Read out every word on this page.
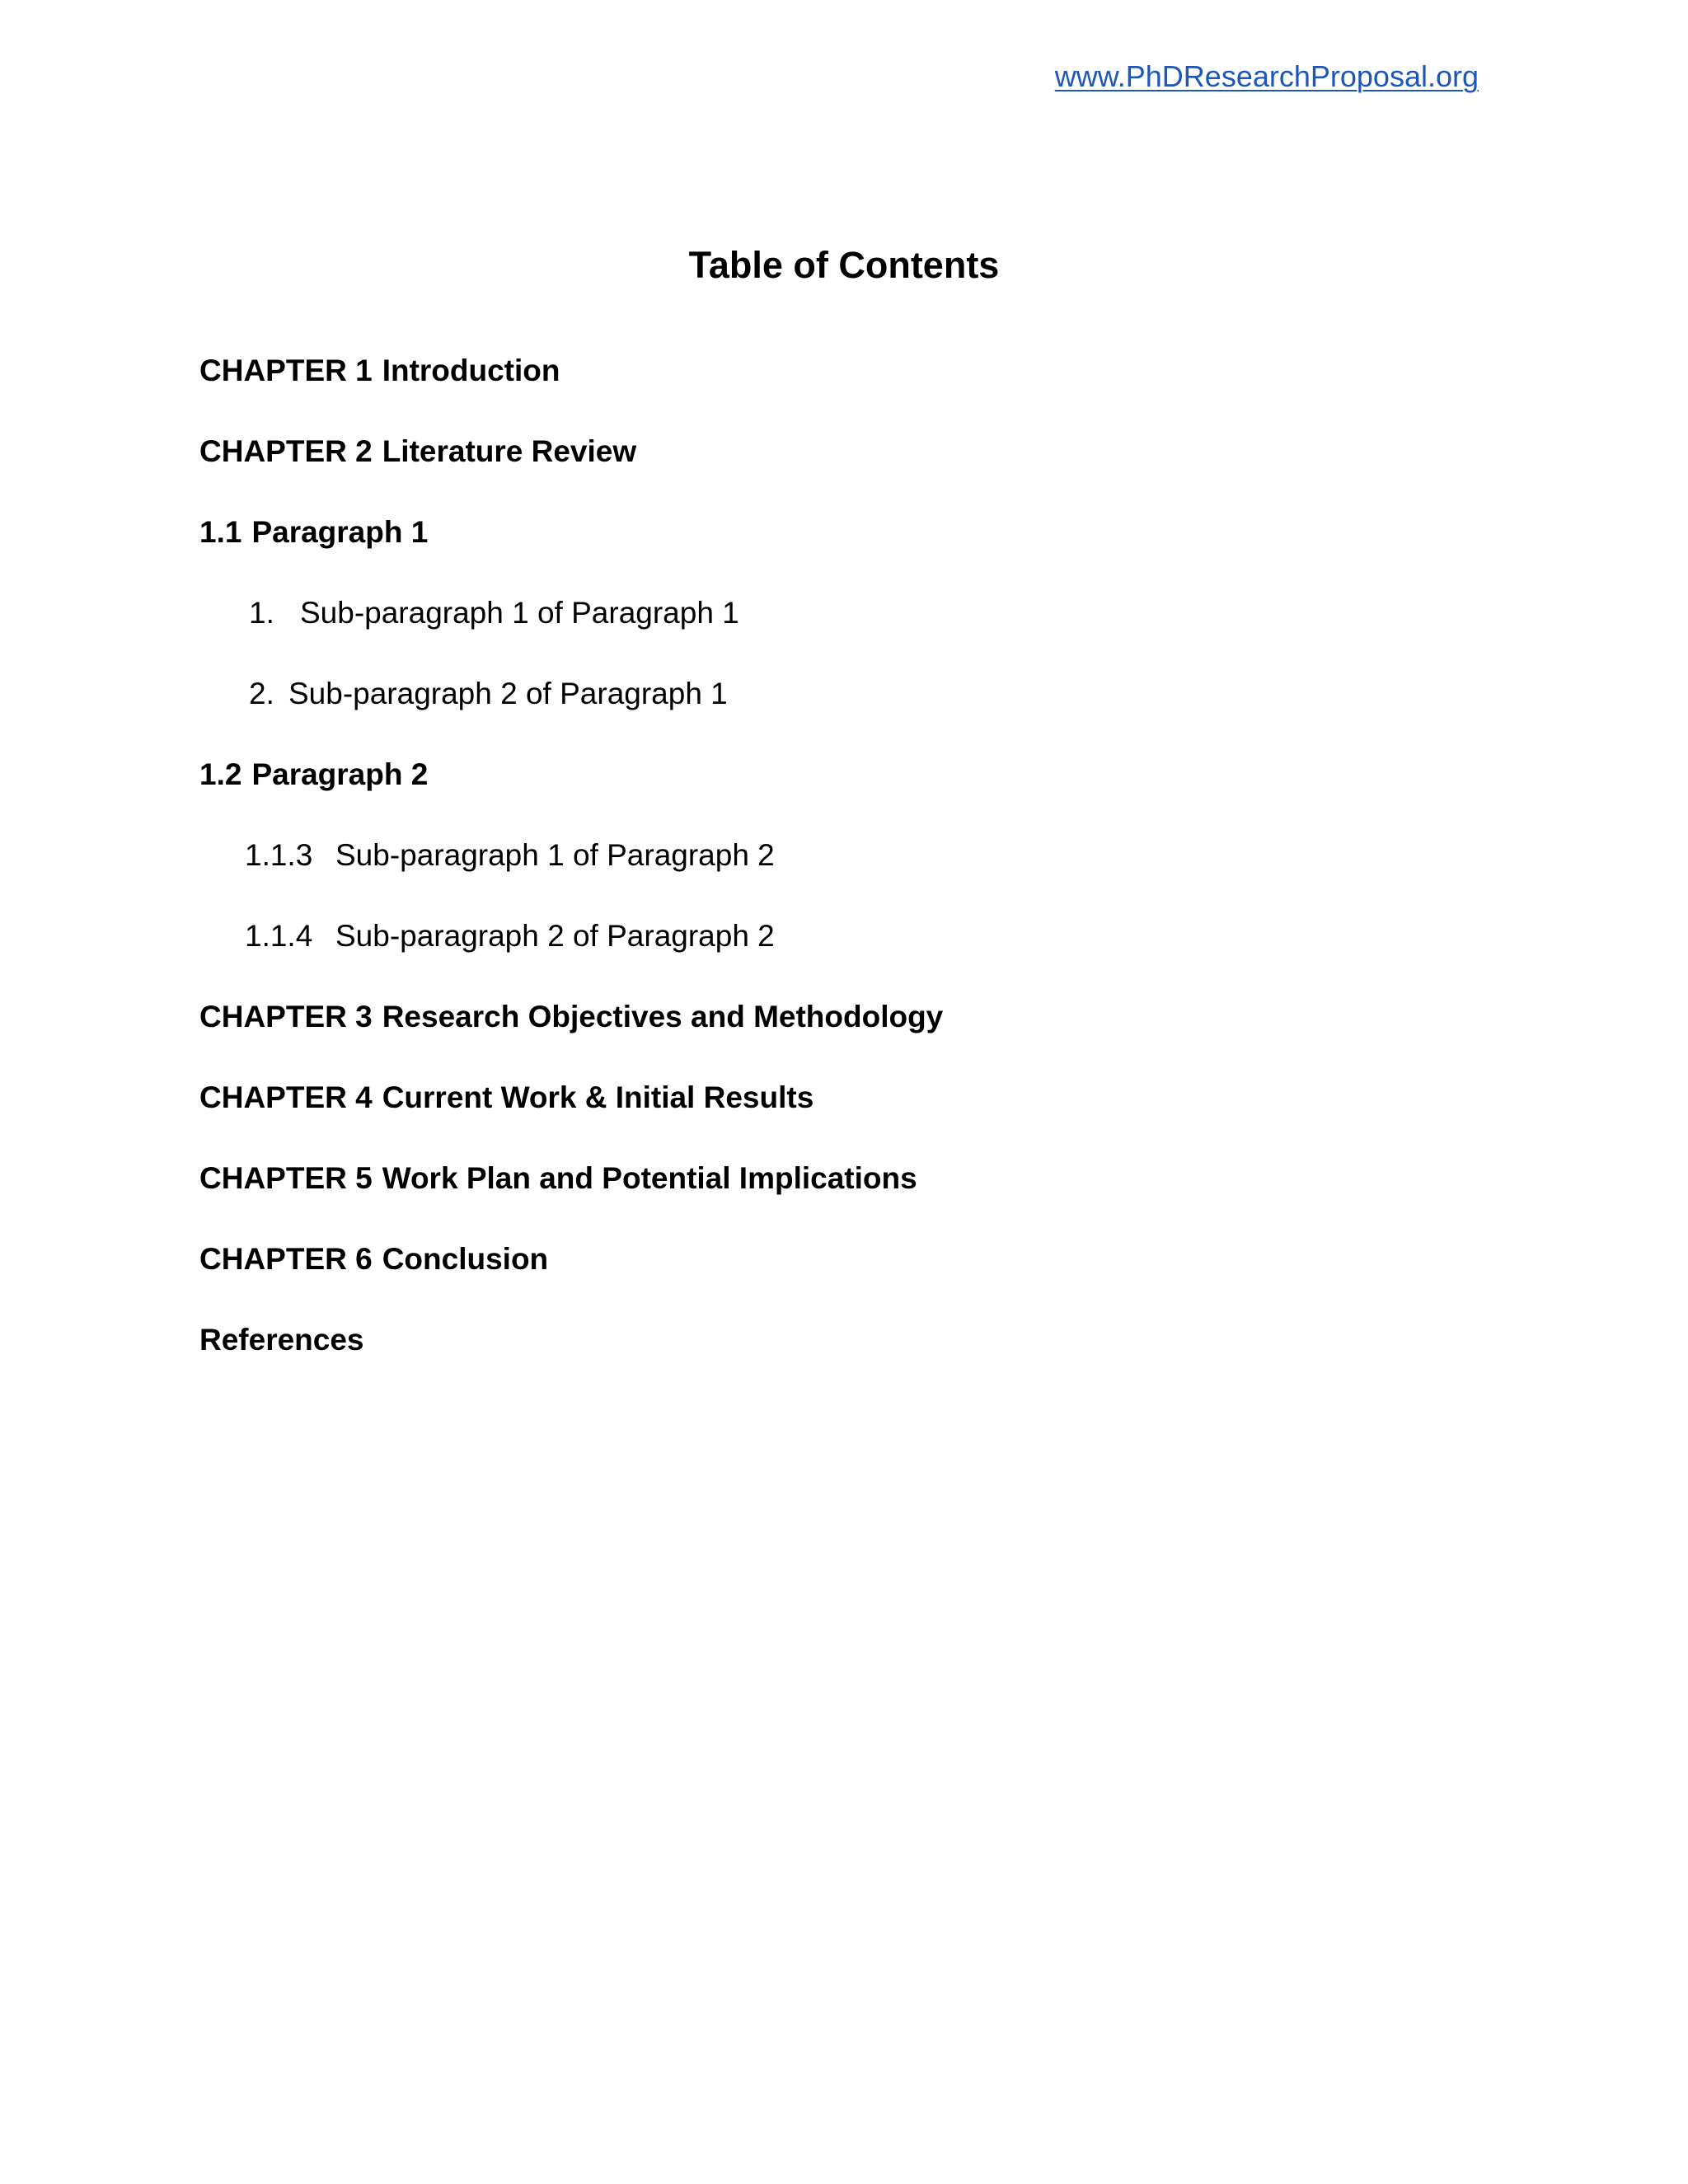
www.PhDResearchProposal.org
Table of Contents
CHAPTER 1 Introduction
CHAPTER 2 Literature Review
1.1 Paragraph 1
1. Sub-paragraph 1 of Paragraph 1
2. Sub-paragraph 2 of Paragraph 1
1.2 Paragraph 2
1.1.3 Sub-paragraph 1 of Paragraph 2
1.1.4 Sub-paragraph 2 of Paragraph 2
CHAPTER 3 Research Objectives and Methodology
CHAPTER 4 Current Work & Initial Results
CHAPTER 5 Work Plan and Potential Implications
CHAPTER 6 Conclusion
References
